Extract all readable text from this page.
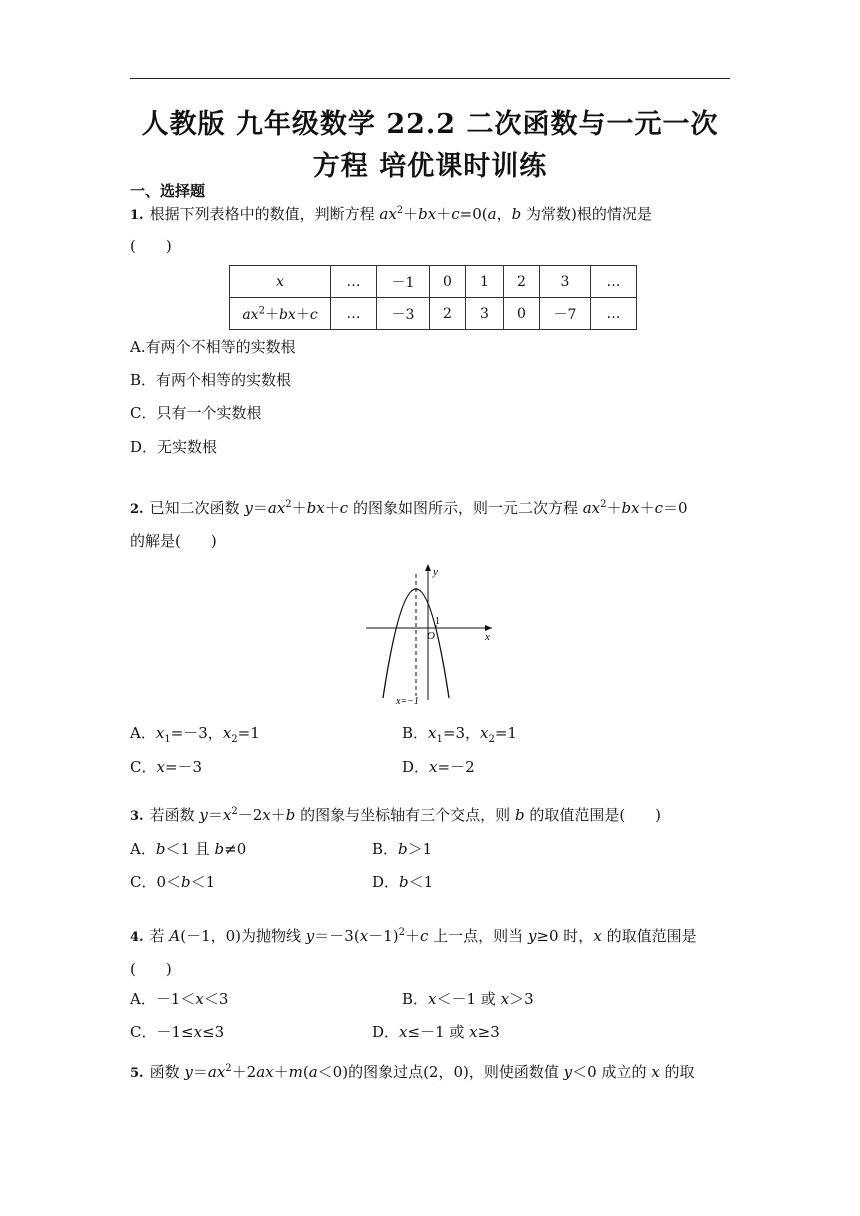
人教版 九年级数学 22.2 二次函数与一元一次
方程 培优课时训练
一、选择题
1. 根据下列表格中的数值，判断方程 $ax^2+bx+c=0(a$，b 为常数)根的情况是
(　　)
x	…	－1	0	1	2	3	…
$ax^2+bx+c$	…	－3	2	3	0	－7	…
A.有两个不相等的实数根
B．有两个相等的实数根
C．只有一个实数根
D．无实数根
2. 已知二次函数 $y=ax^2+bx+c$ 的图象如图所示，则一元二次方程 $ax^2+bx+c=0$
的解是(　　)
y
x
O
1
x=−1
A．$x_1=-3$，$x_2=1$	B．$x_1=3$，$x_2=1$
C．x=－3	D．x=－2
3. 若函数 $y=x^2-2x+b$ 的图象与坐标轴有三个交点，则 b 的取值范围是(　　)
A．b＜1 且 b≠0	B．b＞1
C．0＜b＜1	D．b＜1
4. 若 A(－1，0)为抛物线 $y=-3(x-1)^2+c$ 上一点，则当 y≥0 时，x 的取值范围是
(　　)
A．－1＜x＜3	B．x＜－1 或 x＞3
C．－1≤x≤3	D．x≤－1 或 x≥3
5. 函数 $y=ax^2+2ax+m(a<0)$的图象过点(2，0)，则使函数值 y＜0 成立的 x 的取
